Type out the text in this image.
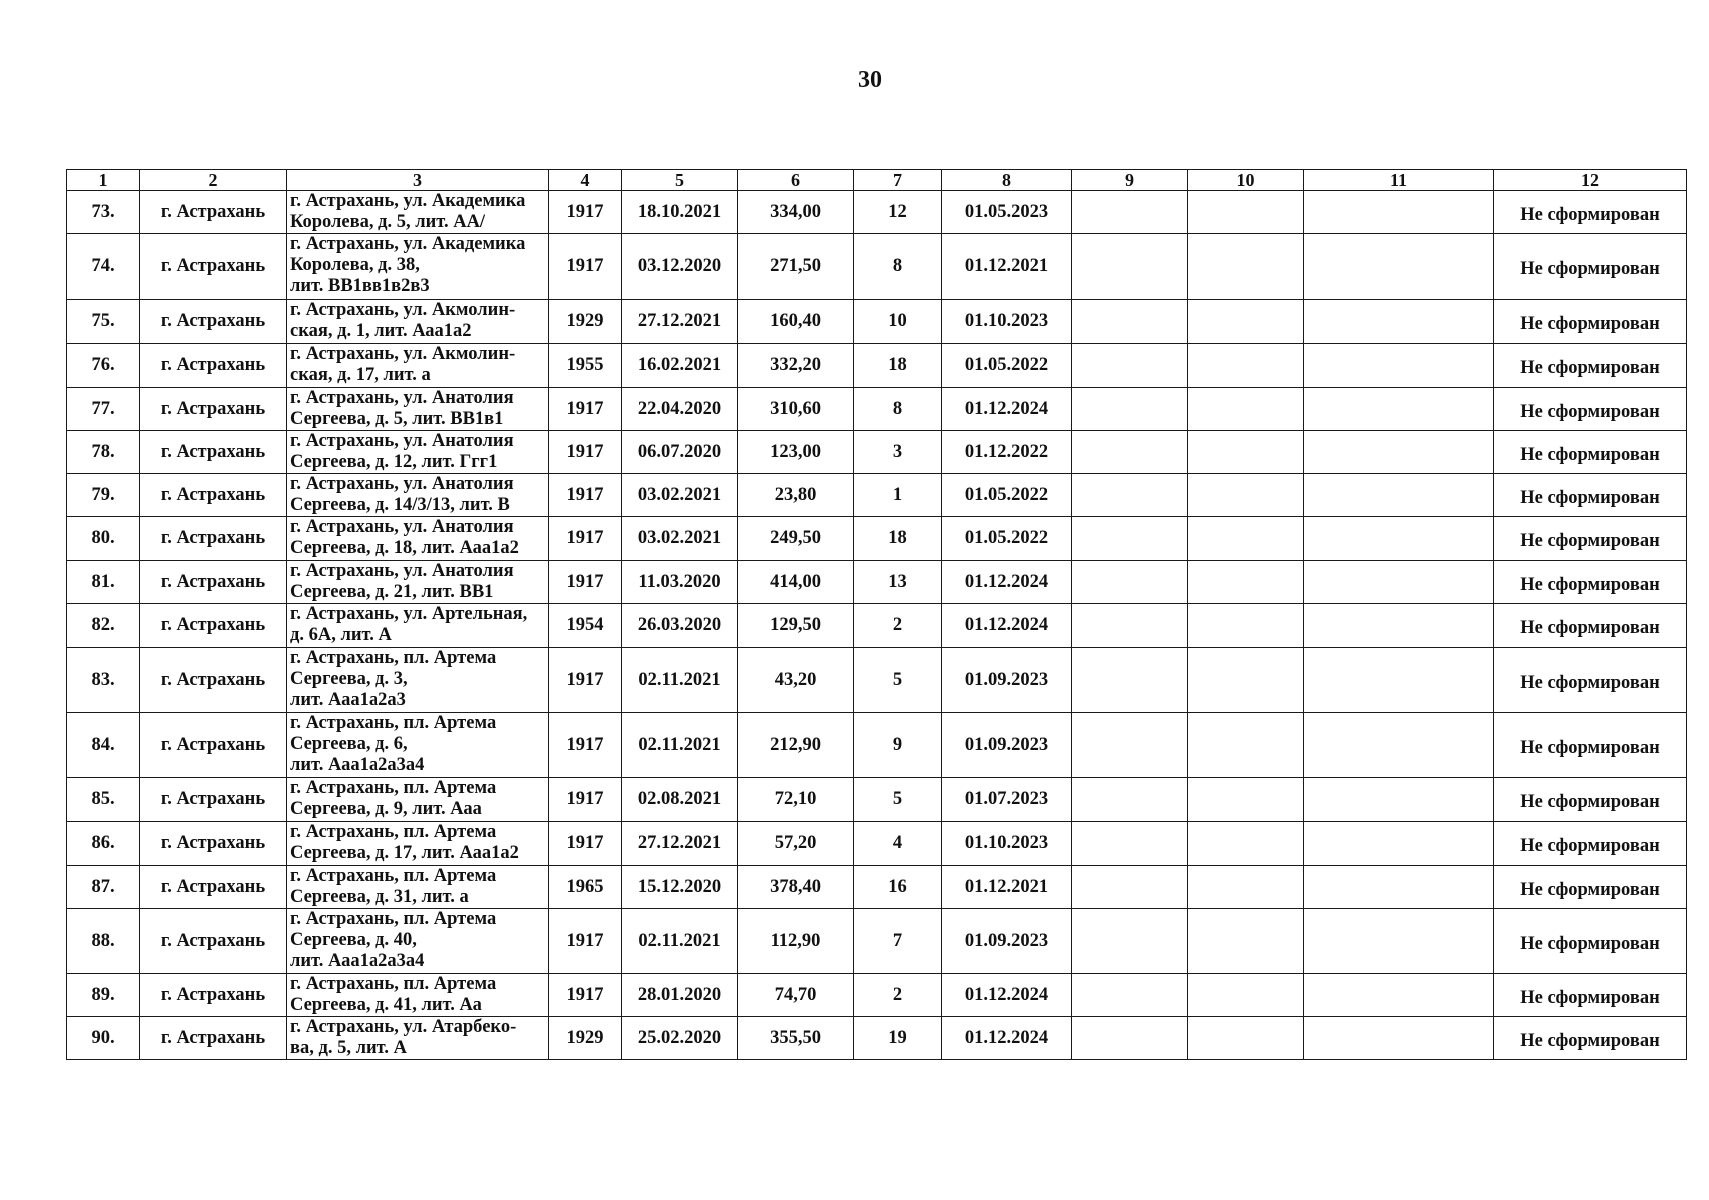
30
1	2	3	4	5	6	7	8	9	10	11	12
73.	г. Астрахань	г. Астрахань, ул. Академика
Королева, д. 5, лит. АА/	1917	18.10.2021	334,00	12	01.05.2023				Не сформирован
74.	г. Астрахань	г. Астрахань, ул. Академика
Королева, д. 38,
лит. ВВ1вв1в2в3	1917	03.12.2020	271,50	8	01.12.2021				Не сформирован
75.	г. Астрахань	г. Астрахань, ул. Акмолин-
ская, д. 1, лит. Ааа1а2	1929	27.12.2021	160,40	10	01.10.2023				Не сформирован
76.	г. Астрахань	г. Астрахань, ул. Акмолин-
ская, д. 17, лит. а	1955	16.02.2021	332,20	18	01.05.2022				Не сформирован
77.	г. Астрахань	г. Астрахань, ул. Анатолия
Сергеева, д. 5, лит. ВВ1в1	1917	22.04.2020	310,60	8	01.12.2024				Не сформирован
78.	г. Астрахань	г. Астрахань, ул. Анатолия
Сергеева, д. 12, лит. Ггг1	1917	06.07.2020	123,00	3	01.12.2022				Не сформирован
79.	г. Астрахань	г. Астрахань, ул. Анатолия
Сергеева, д. 14/3/13, лит. В	1917	03.02.2021	23,80	1	01.05.2022				Не сформирован
80.	г. Астрахань	г. Астрахань, ул. Анатолия
Сергеева, д. 18, лит. Ааа1а2	1917	03.02.2021	249,50	18	01.05.2022				Не сформирован
81.	г. Астрахань	г. Астрахань, ул. Анатолия
Сергеева, д. 21, лит. ВВ1	1917	11.03.2020	414,00	13	01.12.2024				Не сформирован
82.	г. Астрахань	г. Астрахань, ул. Артельная,
д. 6А, лит. А	1954	26.03.2020	129,50	2	01.12.2024				Не сформирован
83.	г. Астрахань	г. Астрахань, пл. Артема
Сергеева, д. 3,
лит. Ааа1а2а3	1917	02.11.2021	43,20	5	01.09.2023				Не сформирован
84.	г. Астрахань	г. Астрахань, пл. Артема
Сергеева, д. 6,
лит. Ааа1а2а3а4	1917	02.11.2021	212,90	9	01.09.2023				Не сформирован
85.	г. Астрахань	г. Астрахань, пл. Артема
Сергеева, д. 9, лит. Ааа	1917	02.08.2021	72,10	5	01.07.2023				Не сформирован
86.	г. Астрахань	г. Астрахань, пл. Артема
Сергеева, д. 17, лит. Ааа1а2	1917	27.12.2021	57,20	4	01.10.2023				Не сформирован
87.	г. Астрахань	г. Астрахань, пл. Артема
Сергеева, д. 31, лит. а	1965	15.12.2020	378,40	16	01.12.2021				Не сформирован
88.	г. Астрахань	г. Астрахань, пл. Артема
Сергеева, д. 40,
лит. Ааа1а2а3а4	1917	02.11.2021	112,90	7	01.09.2023				Не сформирован
89.	г. Астрахань	г. Астрахань, пл. Артема
Сергеева, д. 41, лит. Аа	1917	28.01.2020	74,70	2	01.12.2024				Не сформирован
90.	г. Астрахань	г. Астрахань, ул. Атарбеко-
ва, д. 5, лит. А	1929	25.02.2020	355,50	19	01.12.2024				Не сформирован
